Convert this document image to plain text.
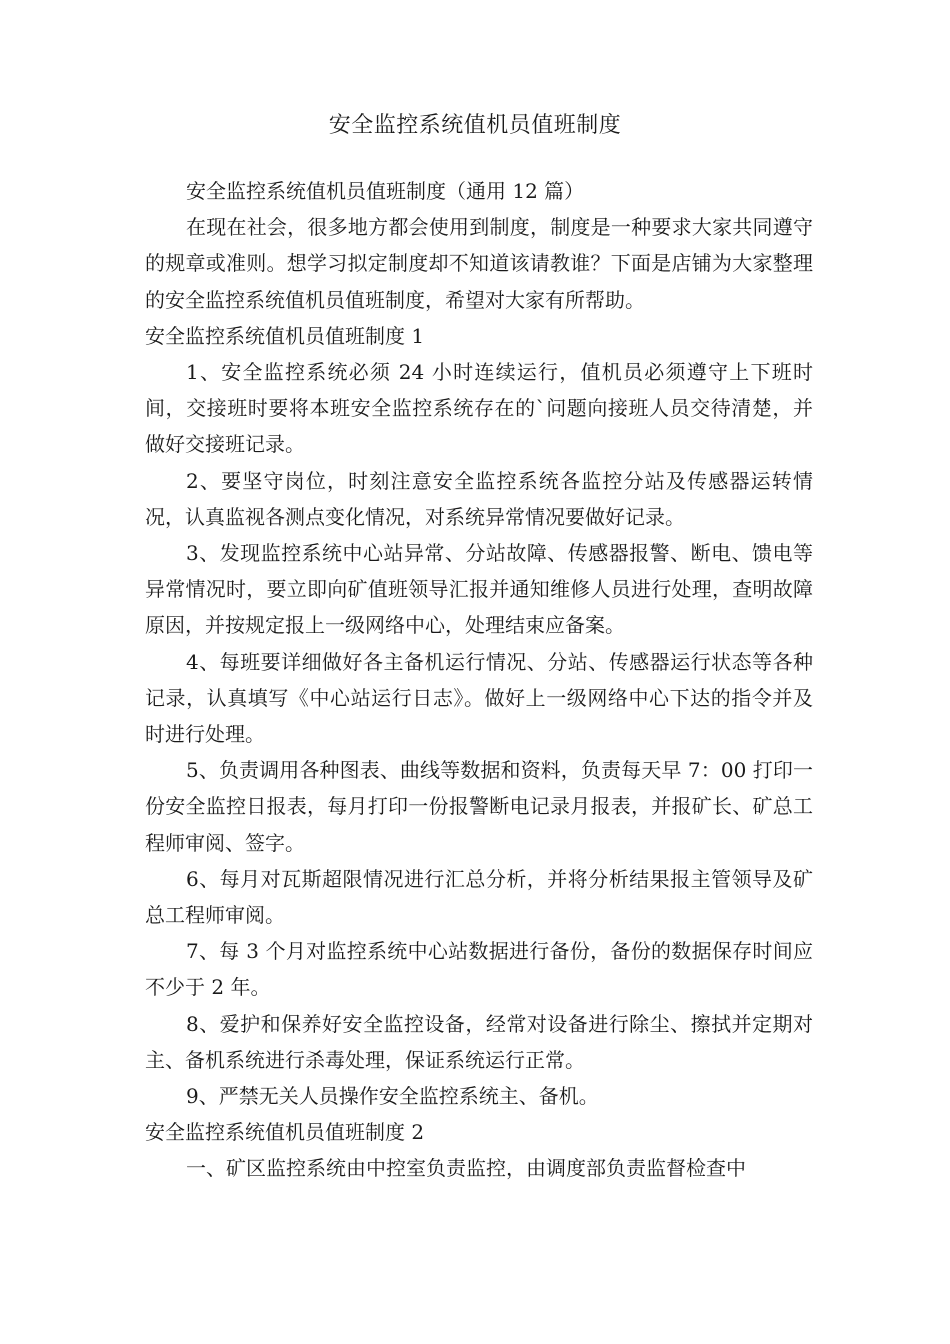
安全监控系统值机员值班制度

安全监控系统值机员值班制度（通用 12 篇）

在现在社会，很多地方都会使用到制度，制度是一种要求大家共同遵守的规章或准则。想学习拟定制度却不知道该请教谁？下面是店铺为大家整理的安全监控系统值机员值班制度，希望对大家有所帮助。

安全监控系统值机员值班制度 1

1、安全监控系统必须 24 小时连续运行，值机员必须遵守上下班时间，交接班时要将本班安全监控系统存在的`问题向接班人员交待清楚，并做好交接班记录。

2、要坚守岗位，时刻注意安全监控系统各监控分站及传感器运转情况，认真监视各测点变化情况，对系统异常情况要做好记录。

3、发现监控系统中心站异常、分站故障、传感器报警、断电、馈电等异常情况时，要立即向矿值班领导汇报并通知维修人员进行处理，查明故障原因，并按规定报上一级网络中心，处理结束应备案。

4、每班要详细做好各主备机运行情况、分站、传感器运行状态等各种记录，认真填写《中心站运行日志》。做好上一级网络中心下达的指令并及时进行处理。

5、负责调用各种图表、曲线等数据和资料，负责每天早 7：00 打印一份安全监控日报表，每月打印一份报警断电记录月报表，并报矿长、矿总工程师审阅、签字。

6、每月对瓦斯超限情况进行汇总分析，并将分析结果报主管领导及矿总工程师审阅。

7、每 3 个月对监控系统中心站数据进行备份，备份的数据保存时间应不少于 2 年。

8、爱护和保养好安全监控设备，经常对设备进行除尘、擦拭并定期对主、备机系统进行杀毒处理，保证系统运行正常。

9、严禁无关人员操作安全监控系统主、备机。

安全监控系统值机员值班制度 2

一、矿区监控系统由中控室负责监控，由调度部负责监督检查中
